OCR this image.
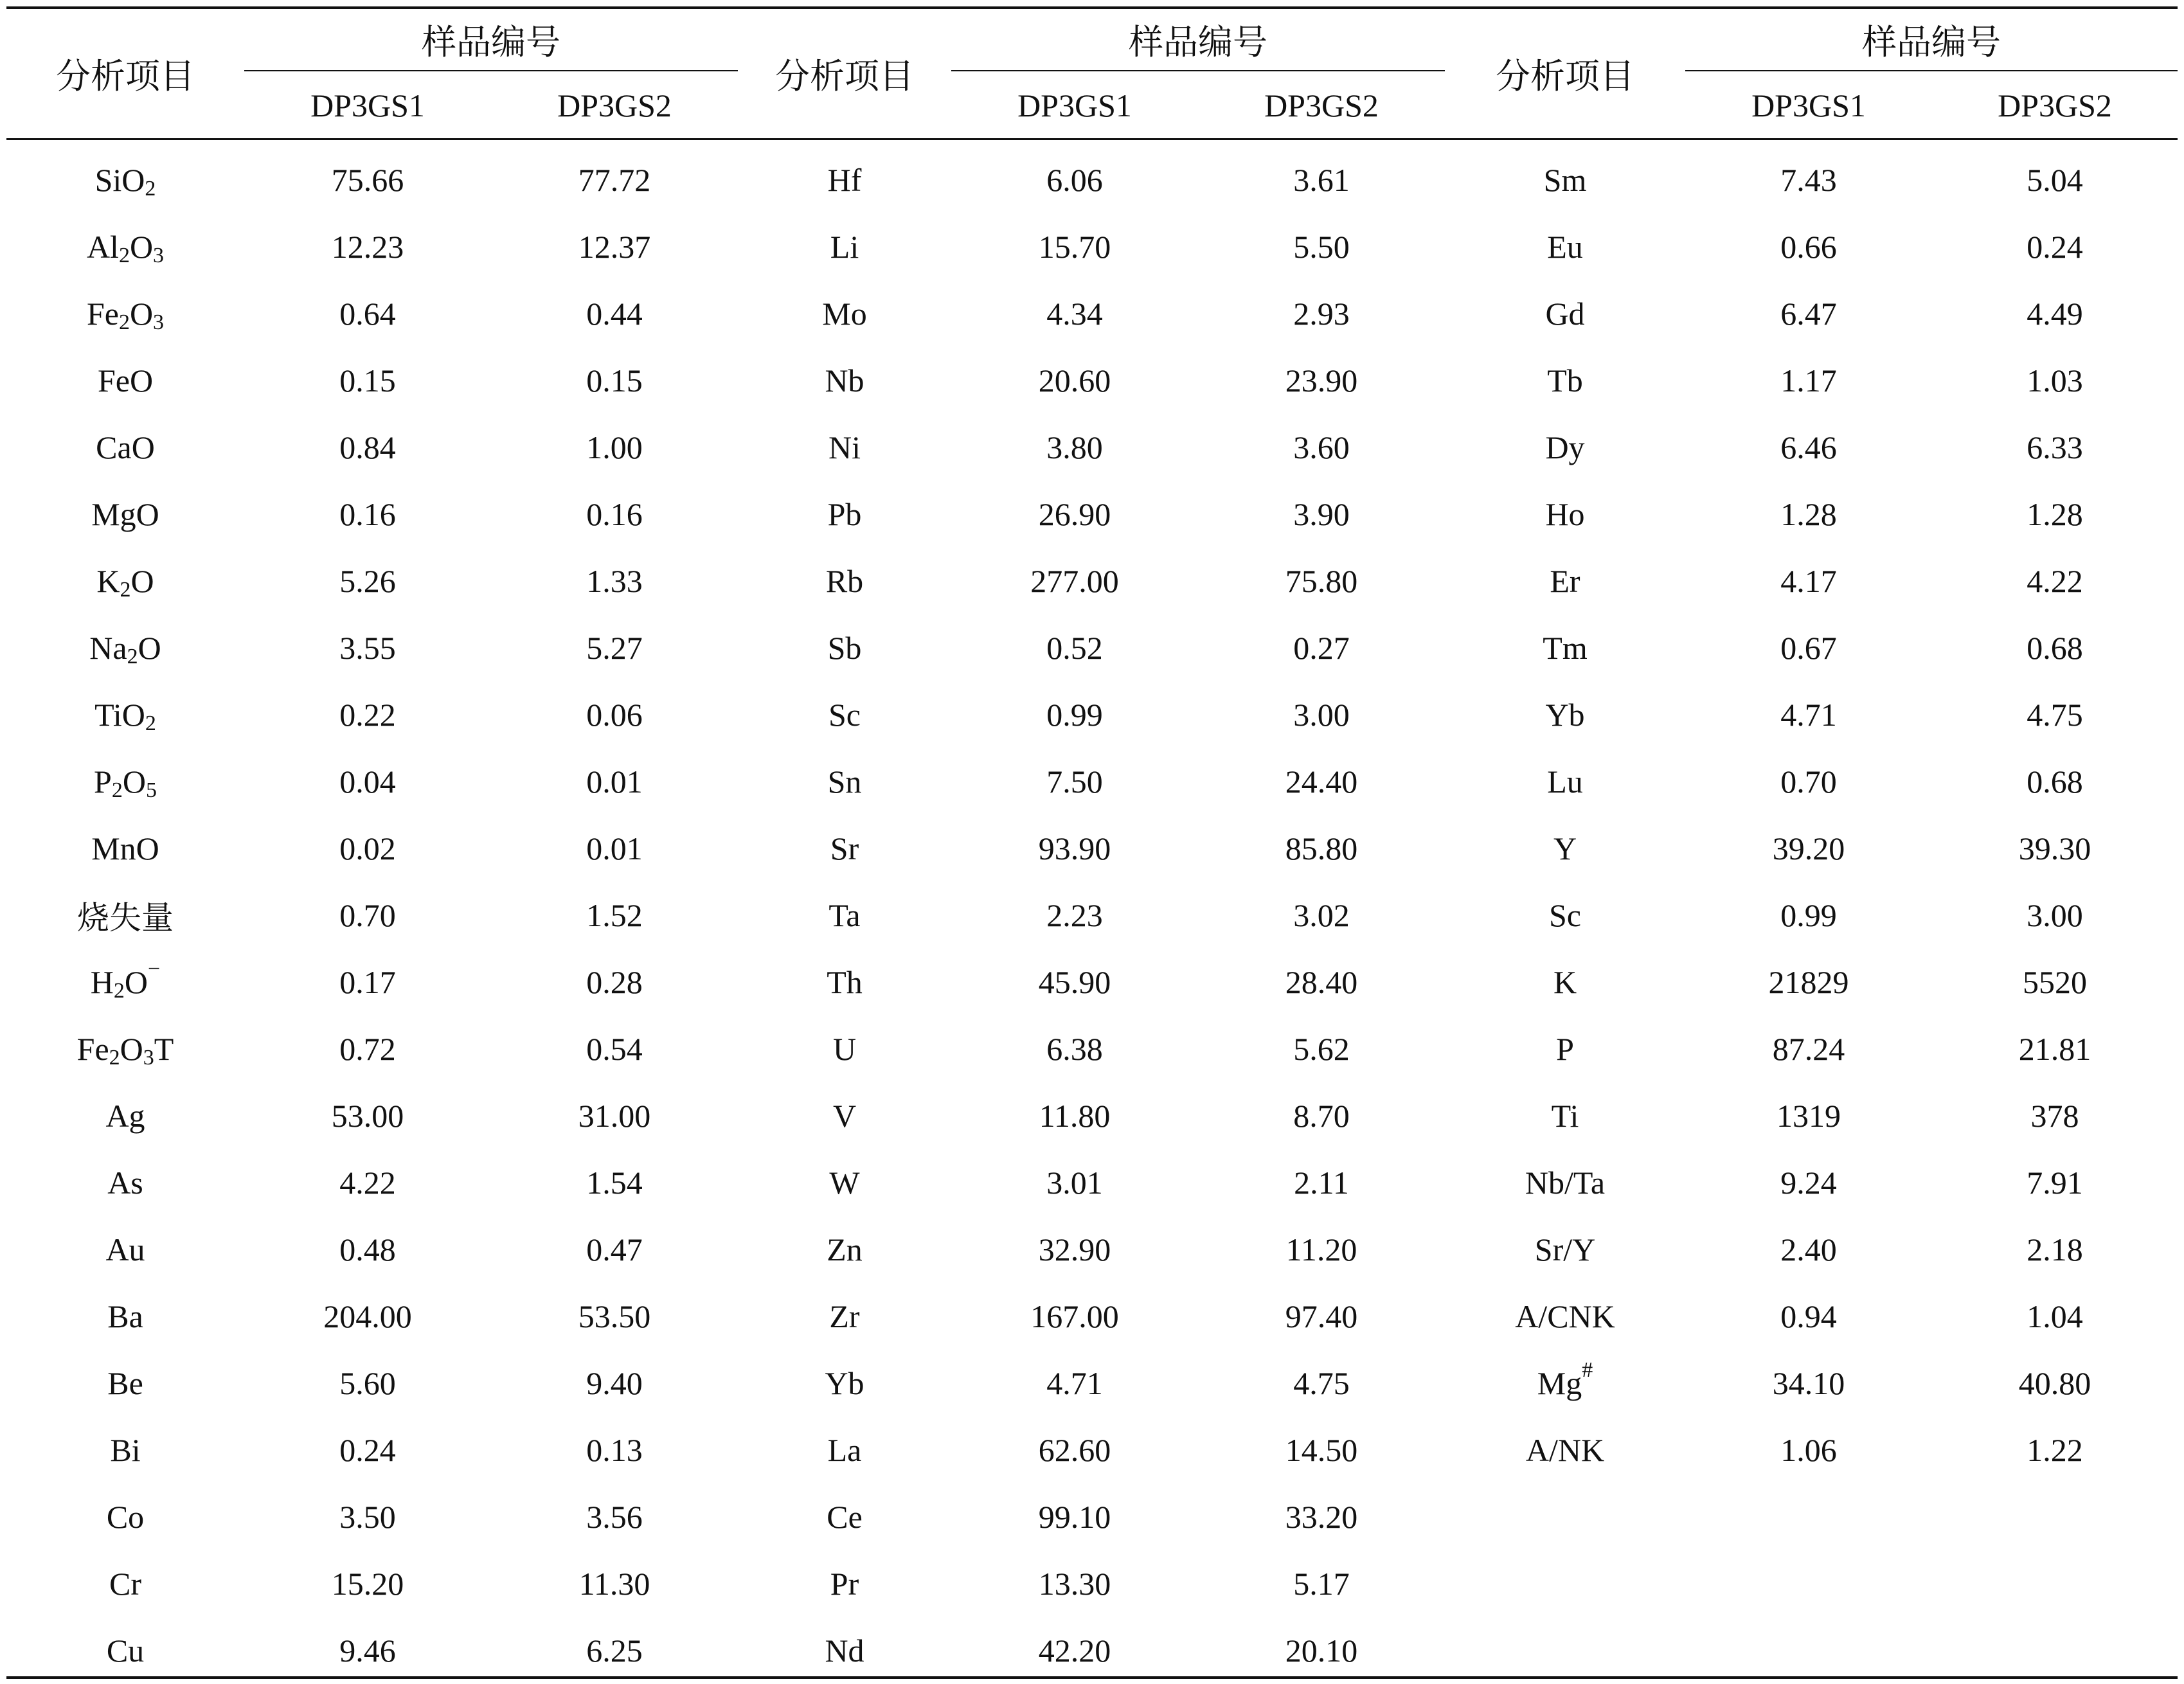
分析项目
样品编号
DP3GS1	DP3GS2
分析项目
样品编号
DP3GS1	DP3GS2
分析项目
样品编号
DP3GS1	DP3GS2
SiO$_2$	75.66	77.72	Hf	6.06	3.61	Sm	7.43	5.04
$Al_2$ $O_3$	12.23	12.37	Li	15.70	5.50	Eu	0.66	0.24
$Fe_2$ $O_3$	0.64	0.44	Mo	4.34	2.93	Gd	6.47	4.49
FeO	0.15	0.15	Nb	20.60	23.90	Tb	1.17	1.03
CaO	0.84	1.00	Ni	3.80	3.60	Dy	6.46	6.33
MgO	0.16	0.16	Pb	26.90	3.90	Ho	1.28	1.28
$K_2$ O	5.26	1.33	Rb	277.00	75.80	Er	4.17	4.22
$Na_2$ O	3.55	5.27	Sb	0.52	0.27	Tm	0.67	0.68
TiO$_2$	0.22	0.06	Sc	0.99	3.00	Yb	4.71	4.75
$P_2$ $O_5$	0.04	0.01	Sn	7.50	24.40	Lu	0.70	0.68
MnO	0.02	0.01	Sr	93.90	85.80	Y	39.20	39.30
烧失量	0.70	1.52	Ta	2.23	3.02	Sc	0.99	3.00
$H_2$ O−	0.17	0.28	Th	45.90	28.40	K	21829	5520
$Fe_2$ $O_3$ T	0.72	0.54	U	6.38	5.62	P	87.24	21.81
Ag	53.00	31.00	V	11.80	8.70	Ti	1319	378
As	4.22	1.54	W	3.01	2.11	Nb/Ta	9.24	7.91
Au	0.48	0.47	Zn	32.90	11.20	Sr/Y	2.40	2.18
Ba	204.00	53.50	Zr	167.00	97.40	A/CNK	0.94	1.04
Be	5.60	9.40	Yb	4.71	4.75	Mg#	34.10	40.80
Bi	0.24	0.13	La	62.60	14.50	A/NK	1.06	1.22
Co	3.50	3.56	Ce	99.10	33.20
Cr	15.20	11.30	Pr	13.30	5.17
Cu	9.46	6.25	Nd	42.20	20.10
